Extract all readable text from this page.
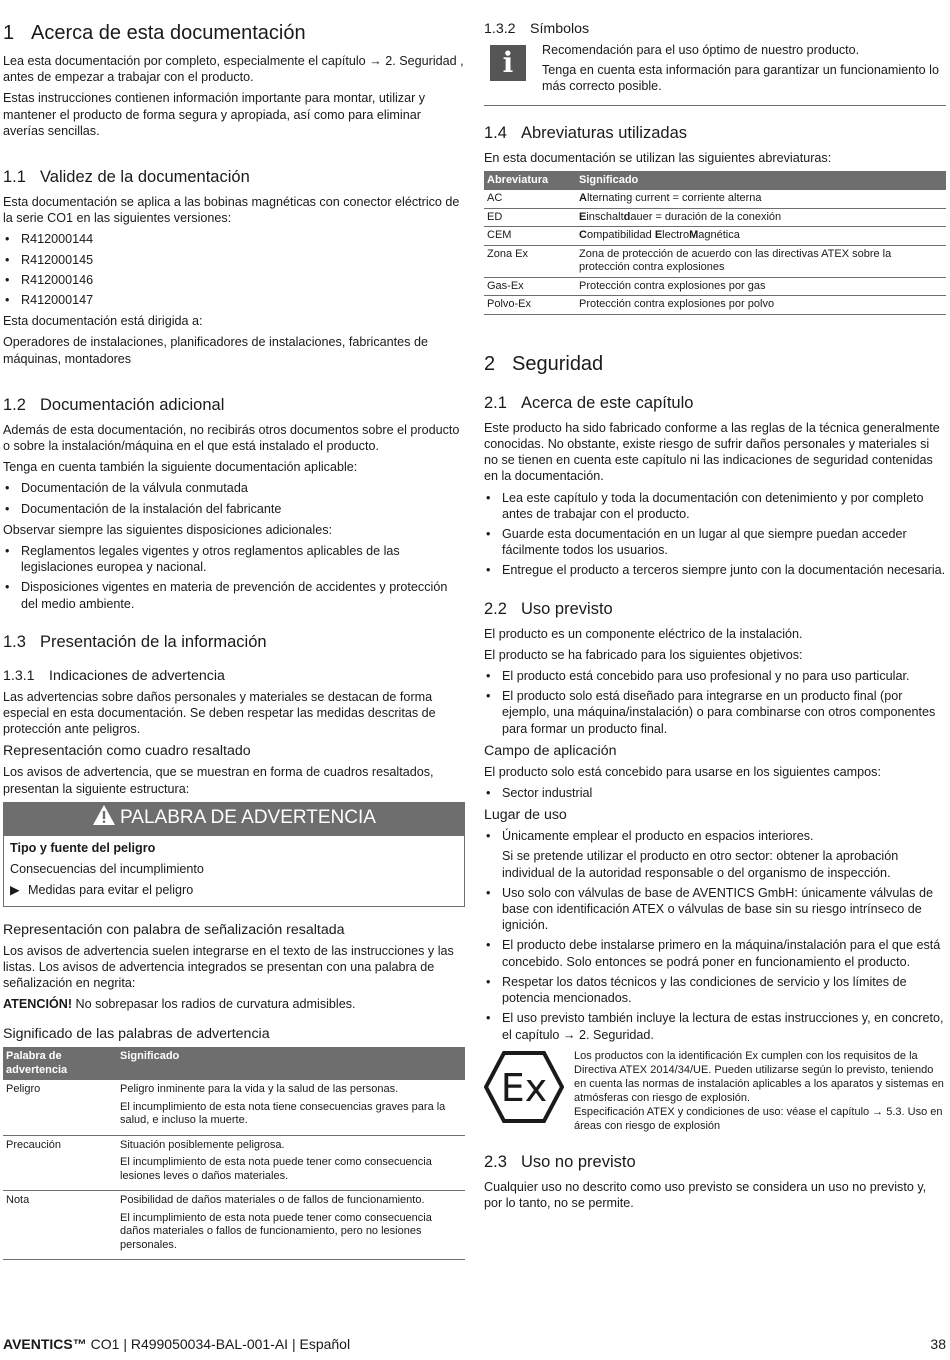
1 Acerca de esta documentación

Lea esta documentación por completo, especialmente el capítulo → 2. Seguridad , antes de empezar a trabajar con el producto.

Estas instrucciones contienen información importante para montar, utilizar y mantener el producto de forma segura y apropiada, así como para eliminar averías sencillas.

1.1 Validez de la documentación

Esta documentación se aplica a las bobinas magnéticas con conector eléctrico de la serie CO1 en las siguientes versiones:

• R412000144
• R412000145
• R412000146
• R412000147

Esta documentación está dirigida a:

Operadores de instalaciones, planificadores de instalaciones, fabricantes de máquinas, montadores

1.2 Documentación adicional

Además de esta documentación, no recibirás otros documentos sobre el producto o sobre la instalación/máquina en el que está instalado el producto.

Tenga en cuenta también la siguiente documentación aplicable:

• Documentación de la válvula conmutada
• Documentación de la instalación del fabricante

Observar siempre las siguientes disposiciones adicionales:

• Reglamentos legales vigentes y otros reglamentos aplicables de las legislaciones europea y nacional.
• Disposiciones vigentes en materia de prevención de accidentes y protección del medio ambiente.
1.3 Presentación de la información
1.3.1 Indicaciones de advertencia

Las advertencias sobre daños personales y materiales se destacan de forma especial en esta documentación. Se deben respetar las medidas descritas de protección ante peligros.

Representación como cuadro resaltado

Los avisos de advertencia, que se muestran en forma de cuadros resaltados, presentan la siguiente estructura:

PALABRA DE ADVERTENCIA

Tipo y fuente del peligro

Consecuencias del incumplimiento

▶ Medidas para evitar el peligro

Representación con palabra de señalización resaltada

Los avisos de advertencia suelen integrarse en el texto de las instrucciones y las listas. Los avisos de advertencia integrados se presentan con una palabra de señalización en negrita:

ATENCIÓN! No sobrepasar los radios de curvatura admisibles.

Significado de las palabras de advertencia
Palabra de advertencia	Significado
Peligro	Peligro inminente para la vida y la salud de las personas.
El incumplimiento de esta nota tiene consecuencias graves para la salud, e incluso la muerte.

Precaución	Situación posiblemente peligrosa.
El incumplimiento de esta nota puede tener como consecuencia lesiones leves o daños materiales.

Nota	Posibilidad de daños materiales o de fallos de funcionamiento.
El incumplimiento de esta nota puede tener como consecuencia daños materiales o fallos de funcionamiento, pero no lesiones personales.
1.3.2 Símbolos
i	Recomendación para el uso óptimo de nuestro producto.

Tenga en cuenta esta información para garantizar un funcionamiento lo más correcto posible.

1.4 Abreviaturas utilizadas

En esta documentación se utilizan las siguientes abreviaturas:

Abreviatura	Significado
AC	Alternating current = corriente alterna
ED	Einschaltdauer = duración de la conexión
CEM	Compatibilidad ElectroMagnética
Zona Ex	Zona de protección de acuerdo con las directivas ATEX sobre la protección contra explosiones
Gas-Ex	Protección contra explosiones por gas
Polvo-Ex	Protección contra explosiones por polvo
2 Seguridad
2.1 Acerca de este capítulo

Este producto ha sido fabricado conforme a las reglas de la técnica generalmente conocidas. No obstante, existe riesgo de sufrir daños personales y materiales si no se tienen en cuenta este capítulo ni las indicaciones de seguridad contenidas en la documentación.

• Lea este capítulo y toda la documentación con detenimiento y por completo antes de trabajar con el producto.
• Guarde esta documentación en un lugar al que siempre puedan acceder fácilmente todos los usuarios.
• Entregue el producto a terceros siempre junto con la documentación necesaria.
2.2 Uso previsto

El producto es un componente eléctrico de la instalación.

El producto se ha fabricado para los siguientes objetivos:

• El producto está concebido para uso profesional y no para uso particular.
• El producto solo está diseñado para integrarse en un producto final (por ejemplo, una máquina/instalación) o para combinarse con otros componentes para formar un producto final.
Campo de aplicación

El producto solo está concebido para usarse en los siguientes campos:

• Sector industrial
Lugar de uso
• Únicamente emplear el producto en espacios interiores.
Si se pretende utilizar el producto en otro sector: obtener la aprobación individual de la autoridad responsable o del organismo de inspección.
• Uso solo con válvulas de base de AVENTICS GmbH: únicamente válvulas de base con identificación ATEX o válvulas de base sin su riesgo intrínseco de ignición.
• El producto debe instalarse primero en la máquina/instalación para el que está concebido. Solo entonces se podrá poner en funcionamiento el producto.
• Respetar los datos técnicos y las condiciones de servicio y los límites de potencia mencionados.
• El uso previsto también incluye la lectura de estas instrucciones y, en concreto, el capítulo → 2. Seguridad.
Ex
Los productos con la identificación Ex cumplen con los requisitos de la Directiva ATEX 2014/34/UE. Pueden utilizarse según lo previsto, teniendo en cuenta las normas de instalación aplicables a los aparatos y sistemas en atmósferas con riesgo de explosión.
Especificación ATEX y condiciones de uso: véase el capítulo → 5.3. Uso en áreas con riesgo de explosión
2.3 Uso no previsto

Cualquier uso no descrito como uso previsto se considera un uso no previsto y, por lo tanto, no se permite.

AVENTICS™ CO1 | R499050034-BAL-001-AI | Español	38
